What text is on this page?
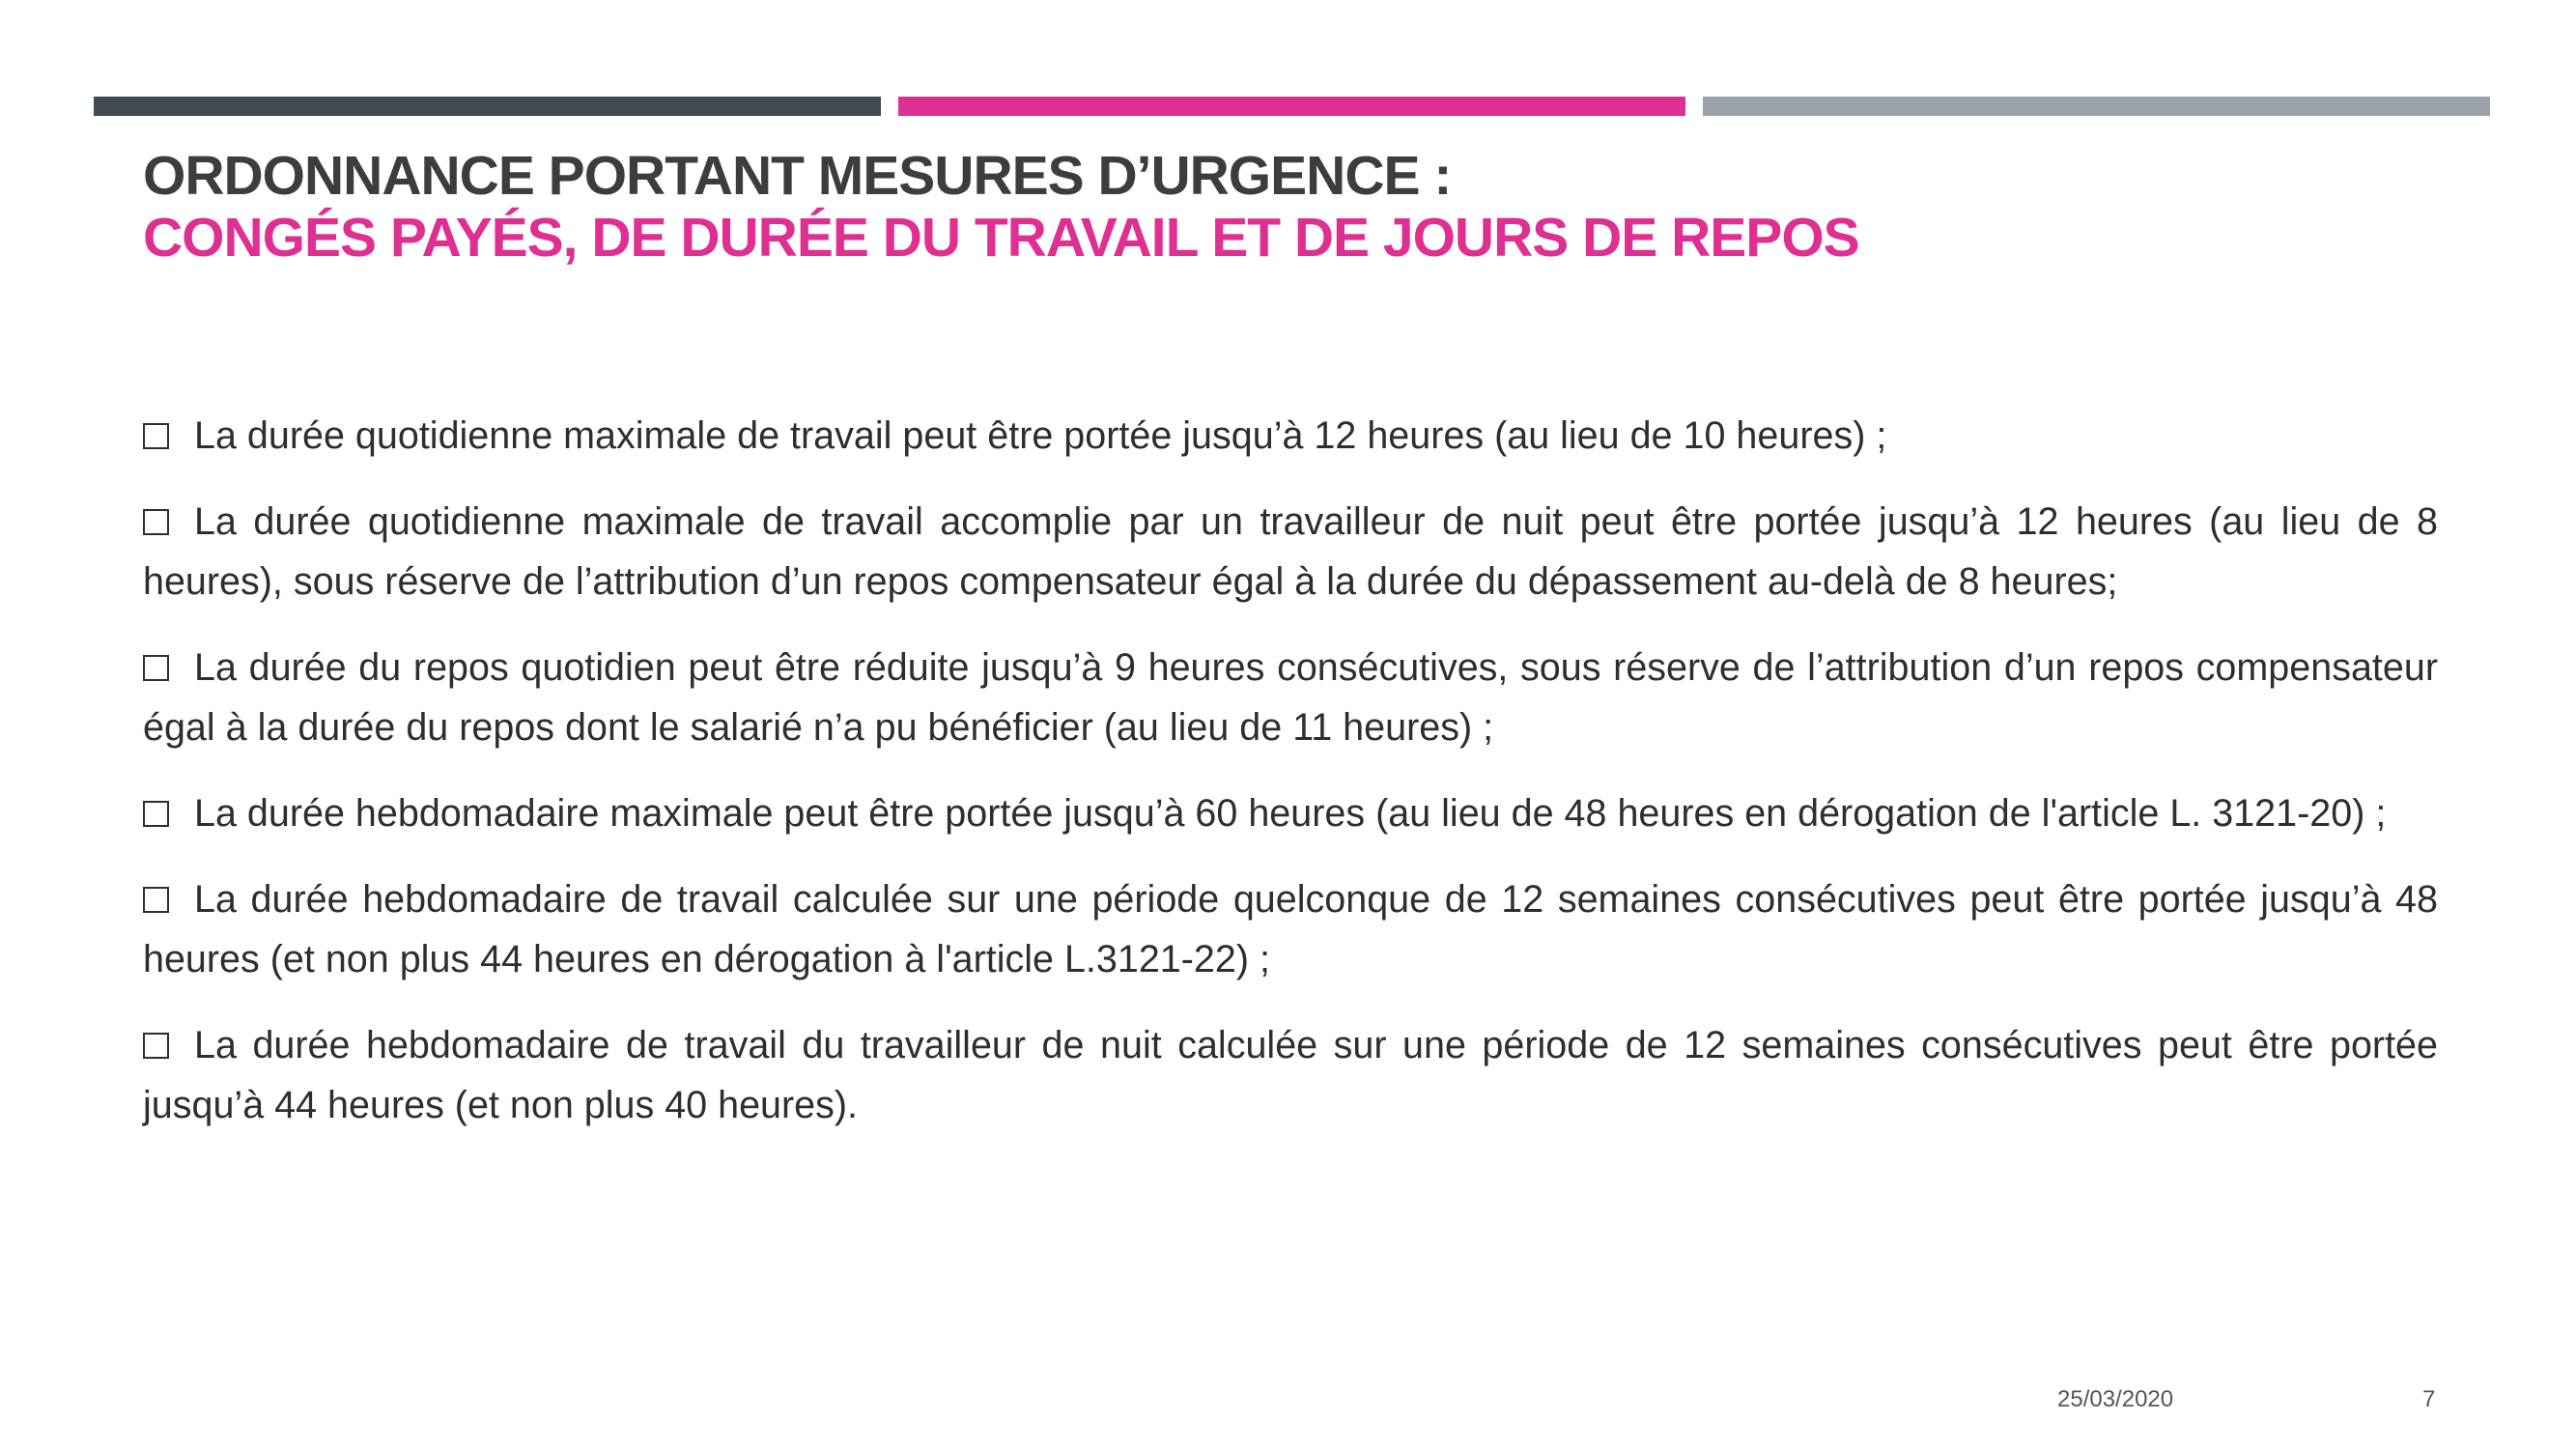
ORDONNANCE PORTANT MESURES D’URGENCE :
CONGÉS PAYÉS, DE DURÉE DU TRAVAIL ET DE JOURS DE REPOS

La durée quotidienne maximale de travail peut être portée jusqu’à 12 heures (au lieu de 10 heures) ;

La durée quotidienne maximale de travail accomplie par un travailleur de nuit peut être portée jusqu’à 12 heures (au lieu de 8 heures), sous réserve de l’attribution d’un repos compensateur égal à la durée du dépassement au-delà de 8 heures;

La durée du repos quotidien peut être réduite jusqu’à 9 heures consécutives, sous réserve de l’attribution d’un repos compensateur égal à la durée du repos dont le salarié n’a pu bénéficier (au lieu de 11 heures) ;

La durée hebdomadaire maximale peut être portée jusqu’à 60 heures (au lieu de 48 heures en dérogation de l'article L. 3121-20) ;

La durée hebdomadaire de travail calculée sur une période quelconque de 12 semaines consécutives peut être portée jusqu’à 48 heures (et non plus 44 heures en dérogation à l'article L.3121-22) ;

La durée hebdomadaire de travail du travailleur de nuit calculée sur une période de 12 semaines consécutives peut être portée jusqu’à 44 heures (et non plus 40 heures).

25/03/2020	7
